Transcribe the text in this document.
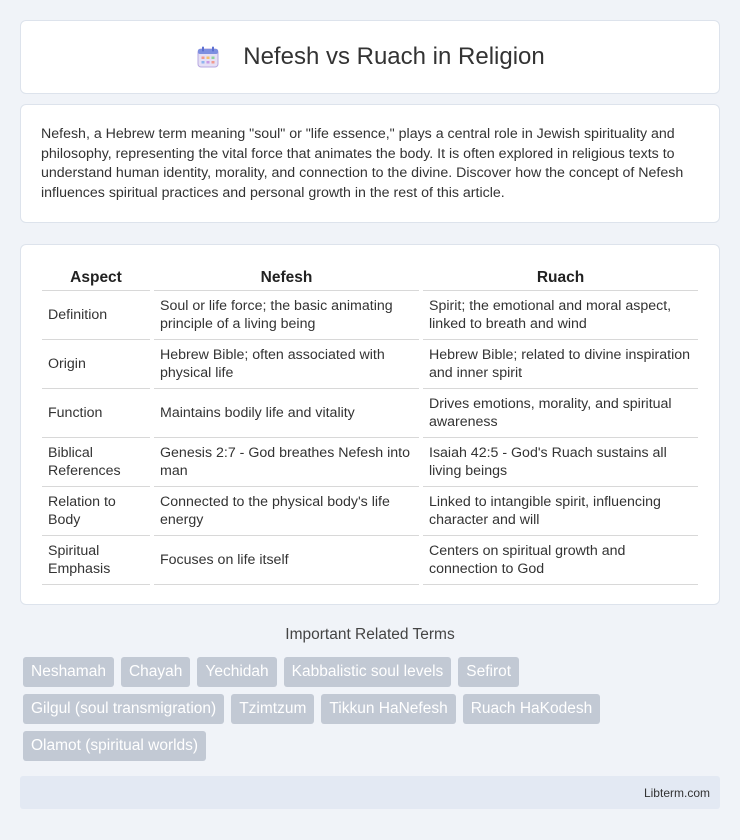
Nefesh vs Ruach in Religion

Nefesh, a Hebrew term meaning "soul" or "life essence," plays a central role in Jewish spirituality and philosophy, representing the vital force that animates the body. It is often explored in religious texts to understand human identity, morality, and connection to the divine. Discover how the concept of Nefesh influences spiritual practices and personal growth in the rest of this article.

Aspect	Nefesh	Ruach
Definition	Soul or life force; the basic animating principle of a living being	Spirit; the emotional and moral aspect, linked to breath and wind
Origin	Hebrew Bible; often associated with physical life	Hebrew Bible; related to divine inspiration and inner spirit
Function	Maintains bodily life and vitality	Drives emotions, morality, and spiritual awareness
Biblical References	Genesis 2:7 - God breathes Nefesh into man	Isaiah 42:5 - God's Ruach sustains all living beings
Relation to Body	Connected to the physical body's life energy	Linked to intangible spirit, influencing character and will
Spiritual Emphasis	Focuses on life itself	Centers on spiritual growth and connection to God
Important Related Terms
Neshamah	Chayah	Yechidah	Kabbalistic soul levels	Sefirot
Gilgul (soul transmigration)	Tzimtzum	Tikkun HaNefesh	Ruach HaKodesh
Olamot (spiritual worlds)
Libterm.com
